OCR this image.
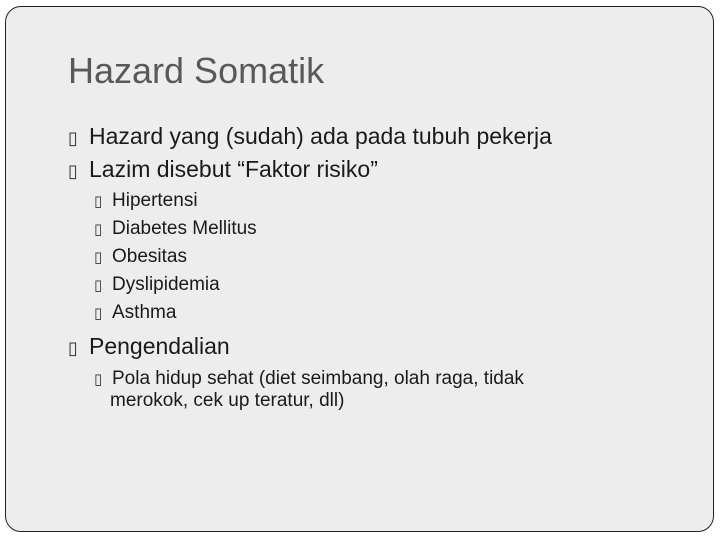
Hazard Somatik
▯ Hazard yang (sudah) ada pada tubuh pekerja
▯ Lazim disebut “Faktor risiko”
▯ Hipertensi
▯ Diabetes Mellitus
▯ Obesitas
▯ Dyslipidemia
▯ Asthma
▯ Pengendalian
▯ Pola hidup sehat (diet seimbang, olah raga, tidak
merokok, cek up teratur, dll)
